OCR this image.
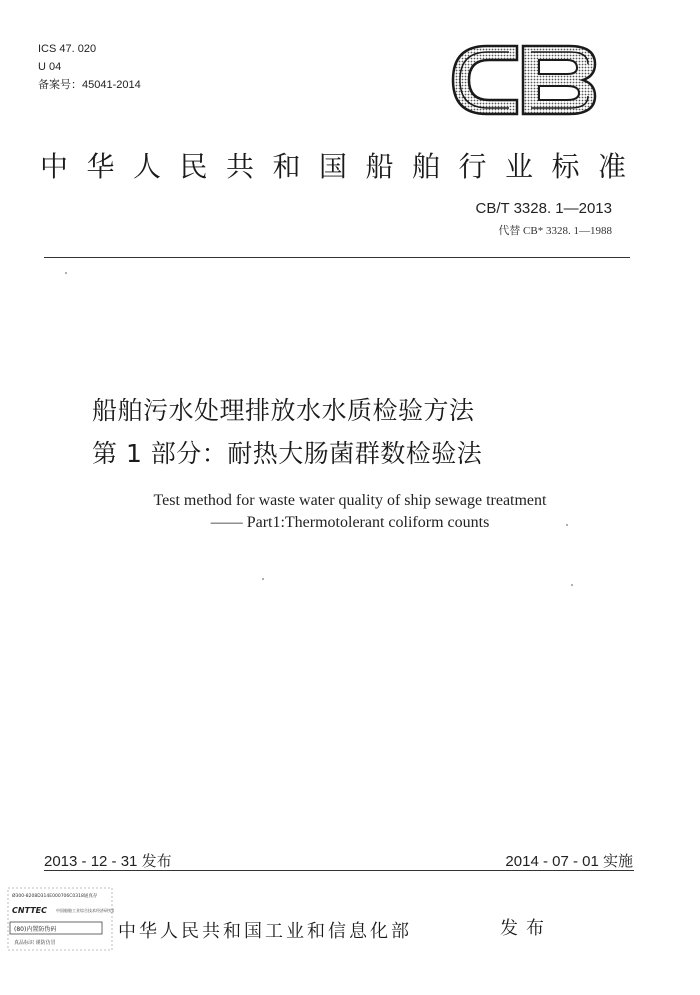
ICS 47. 020
U 04
备案号：45041-2014
中华人民共和国船舶行业标准
CB/T 3328. 1—2013
代替 CB* 3328. 1—1988
船舶污水处理排放水水质检验方法
第 1 部分：耐热大肠菌群数检验法
Test method for waste water quality of ship sewage treatment
—— Part1:Thermotolerant coliform counts
2013 - 12 - 31 发布	2014 - 07 - 01 实施
Ø300-8208D314E000706C0318通真存
CNTTEC 中国船舶工业综合技术经济研究院
(80)内置防伪码
真品标识 谨防仿冒
中华人民共和国工业和信息化部	发布
